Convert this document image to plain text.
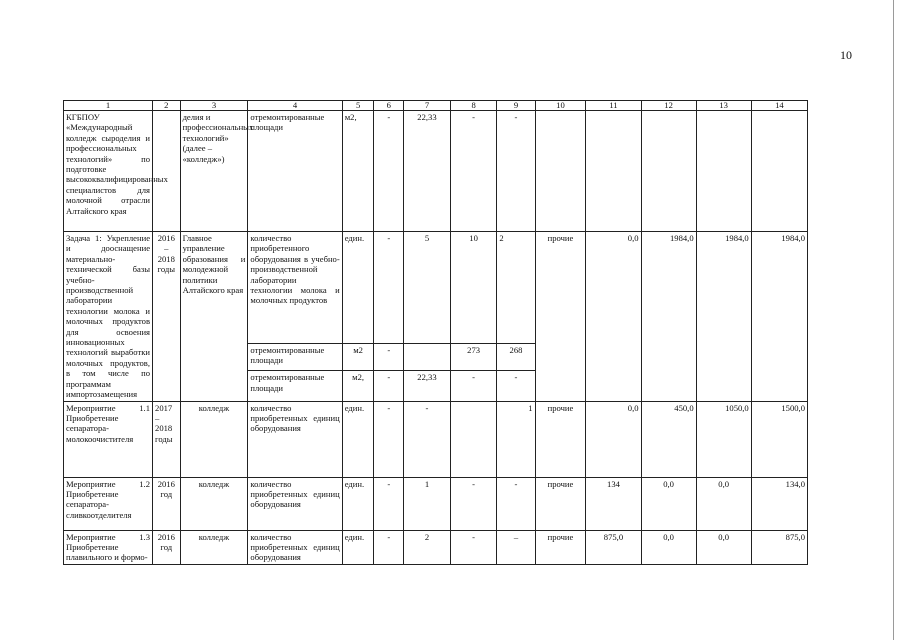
10
1	2	3	4	5	6	7	8	9	10	11	12	13	14
КГБПОУ «Международный колледж сыроделия и профессиональных технологий» по подготовке высококвалифицированных специалистов для молочной отрасли Алтайского края		делия и профессиональных технологий» (далее – «колледж»)	отремонтированные площади	м2,	-	22,33	-	-					
Задача 1: Укрепление и дооснащение материально-технической базы учебно-производственной лаборатории технологии молока и молочных продуктов для освоения инновационных технологий выработки молочных продуктов, в том числе по программам импортозамещения	2016 – 2018 годы	Главное управление образования и молодежной политики Алтайского края	количество приобретенного оборудования в учебно-производственной лаборатории технологии молока и молочных продуктов	един.	-	5	10	2	прочие	0,0	1984,0	1984,0	1984,0
			отремонтированные площади	м2	-		273	268					
			отремонтированные площади	м2,	-	22,33	-	-					
Мероприятие 1.1 Приобретение сепаратора-молокоочистителя	2017 – 2018 годы	колледж	количество приобретенных единиц оборудования	един.	-	-		1	прочие	0,0	450,0	1050,0	1500,0
Мероприятие 1.2 Приобретение сепаратора-сливкоотделителя	2016 год	колледж	количество приобретенных единиц оборудования	един.	-	1	-	-	прочие	134	0,0	0,0	134,0
Мероприятие 1.3 Приобретение плавильного и формо-	2016 год	колледж	количество приобретенных единиц оборудования	един.	-	2	-	–	прочие	875,0	0,0	0,0	875,0
